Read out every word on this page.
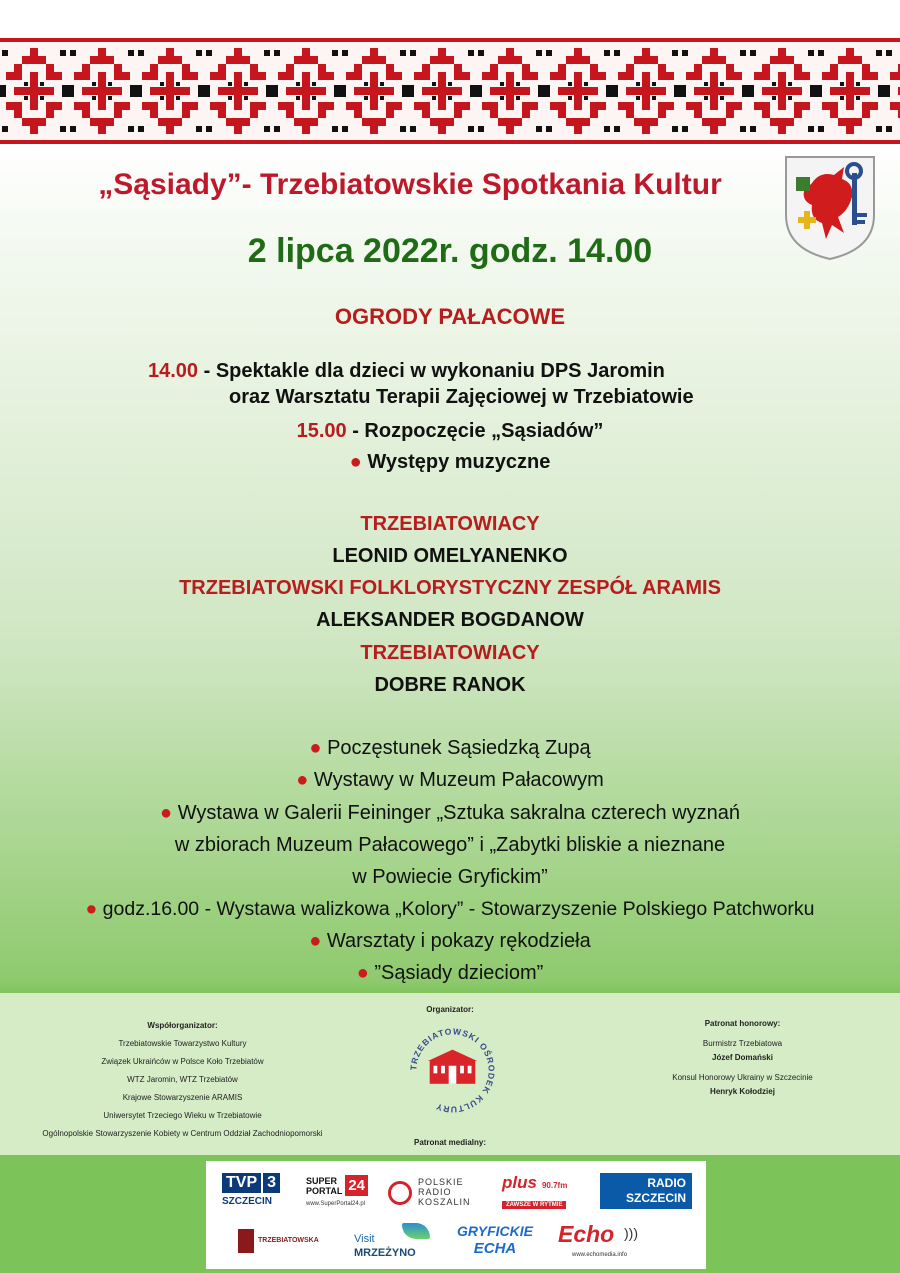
„Sąsiady”- Trzebiatowskie Spotkania Kultur
2 lipca 2022r. godz. 14.00
OGRODY PAŁACOWE
14.00 - Spektakle dla dzieci w wykonaniu DPS Jaromin
oraz Warsztatu Terapii Zajęciowej w Trzebiatowie
15.00 - Rozpoczęcie „Sąsiadów”
● Występy muzyczne
TRZEBIATOWIACY
LEONID OMELYANENKO
TRZEBIATOWSKI FOLKLORYSTYCZNY ZESPÓŁ ARAMIS
ALEKSANDER BOGDANOW
TRZEBIATOWIACY
DOBRE RANOK
● Poczęstunek Sąsiedzką Zupą
● Wystawy w Muzeum Pałacowym
● Wystawa w Galerii Feininger „Sztuka sakralna czterech wyznań
w zbiorach Muzeum Pałacowego” i „Zabytki bliskie a nieznane
w Powiecie Gryfickim”
● godz.16.00 - Wystawa walizkowa „Kolory” - Stowarzyszenie Polskiego Patchworku
● Warsztaty i pokazy rękodzieła
● ”Sąsiady dzieciom”
Współorganizator:
Trzebiatowskie Towarzystwo Kultury
Związek Ukraińców w Polsce Koło Trzebiatów
WTZ Jaromin, WTZ Trzebiatów
Krajowe Stowarzyszenie ARAMIS
Uniwersytet Trzeciego Wieku w Trzebiatowie
Ogólnopolskie Stowarzyszenie Kobiety w Centrum Oddział Zachodniopomorski
Organizator:
TRZEBIATOWSKI OŚRODEK KULTURY
Patronat honorowy:
Burmistrz Trzebiatowa
Józef Domański
Konsul Honorowy Ukrainy w Szczecinie
Henryk Kołodziej
Patronat medialny:
TVP 3
SZCZECIN
SUPER
PORTAL 24
www.SuperPortal24.pl
POLSKIE
RADIO
KOSZALIN
plus 90.7fm
ZAWSZE W RYTMIE
RADIO
SZCZECIN
TRZEBIATOWSKA	Visit
MRZEŻYNO
GRYFICKIE
ECHA
Echo )))
www.echomedia.info
